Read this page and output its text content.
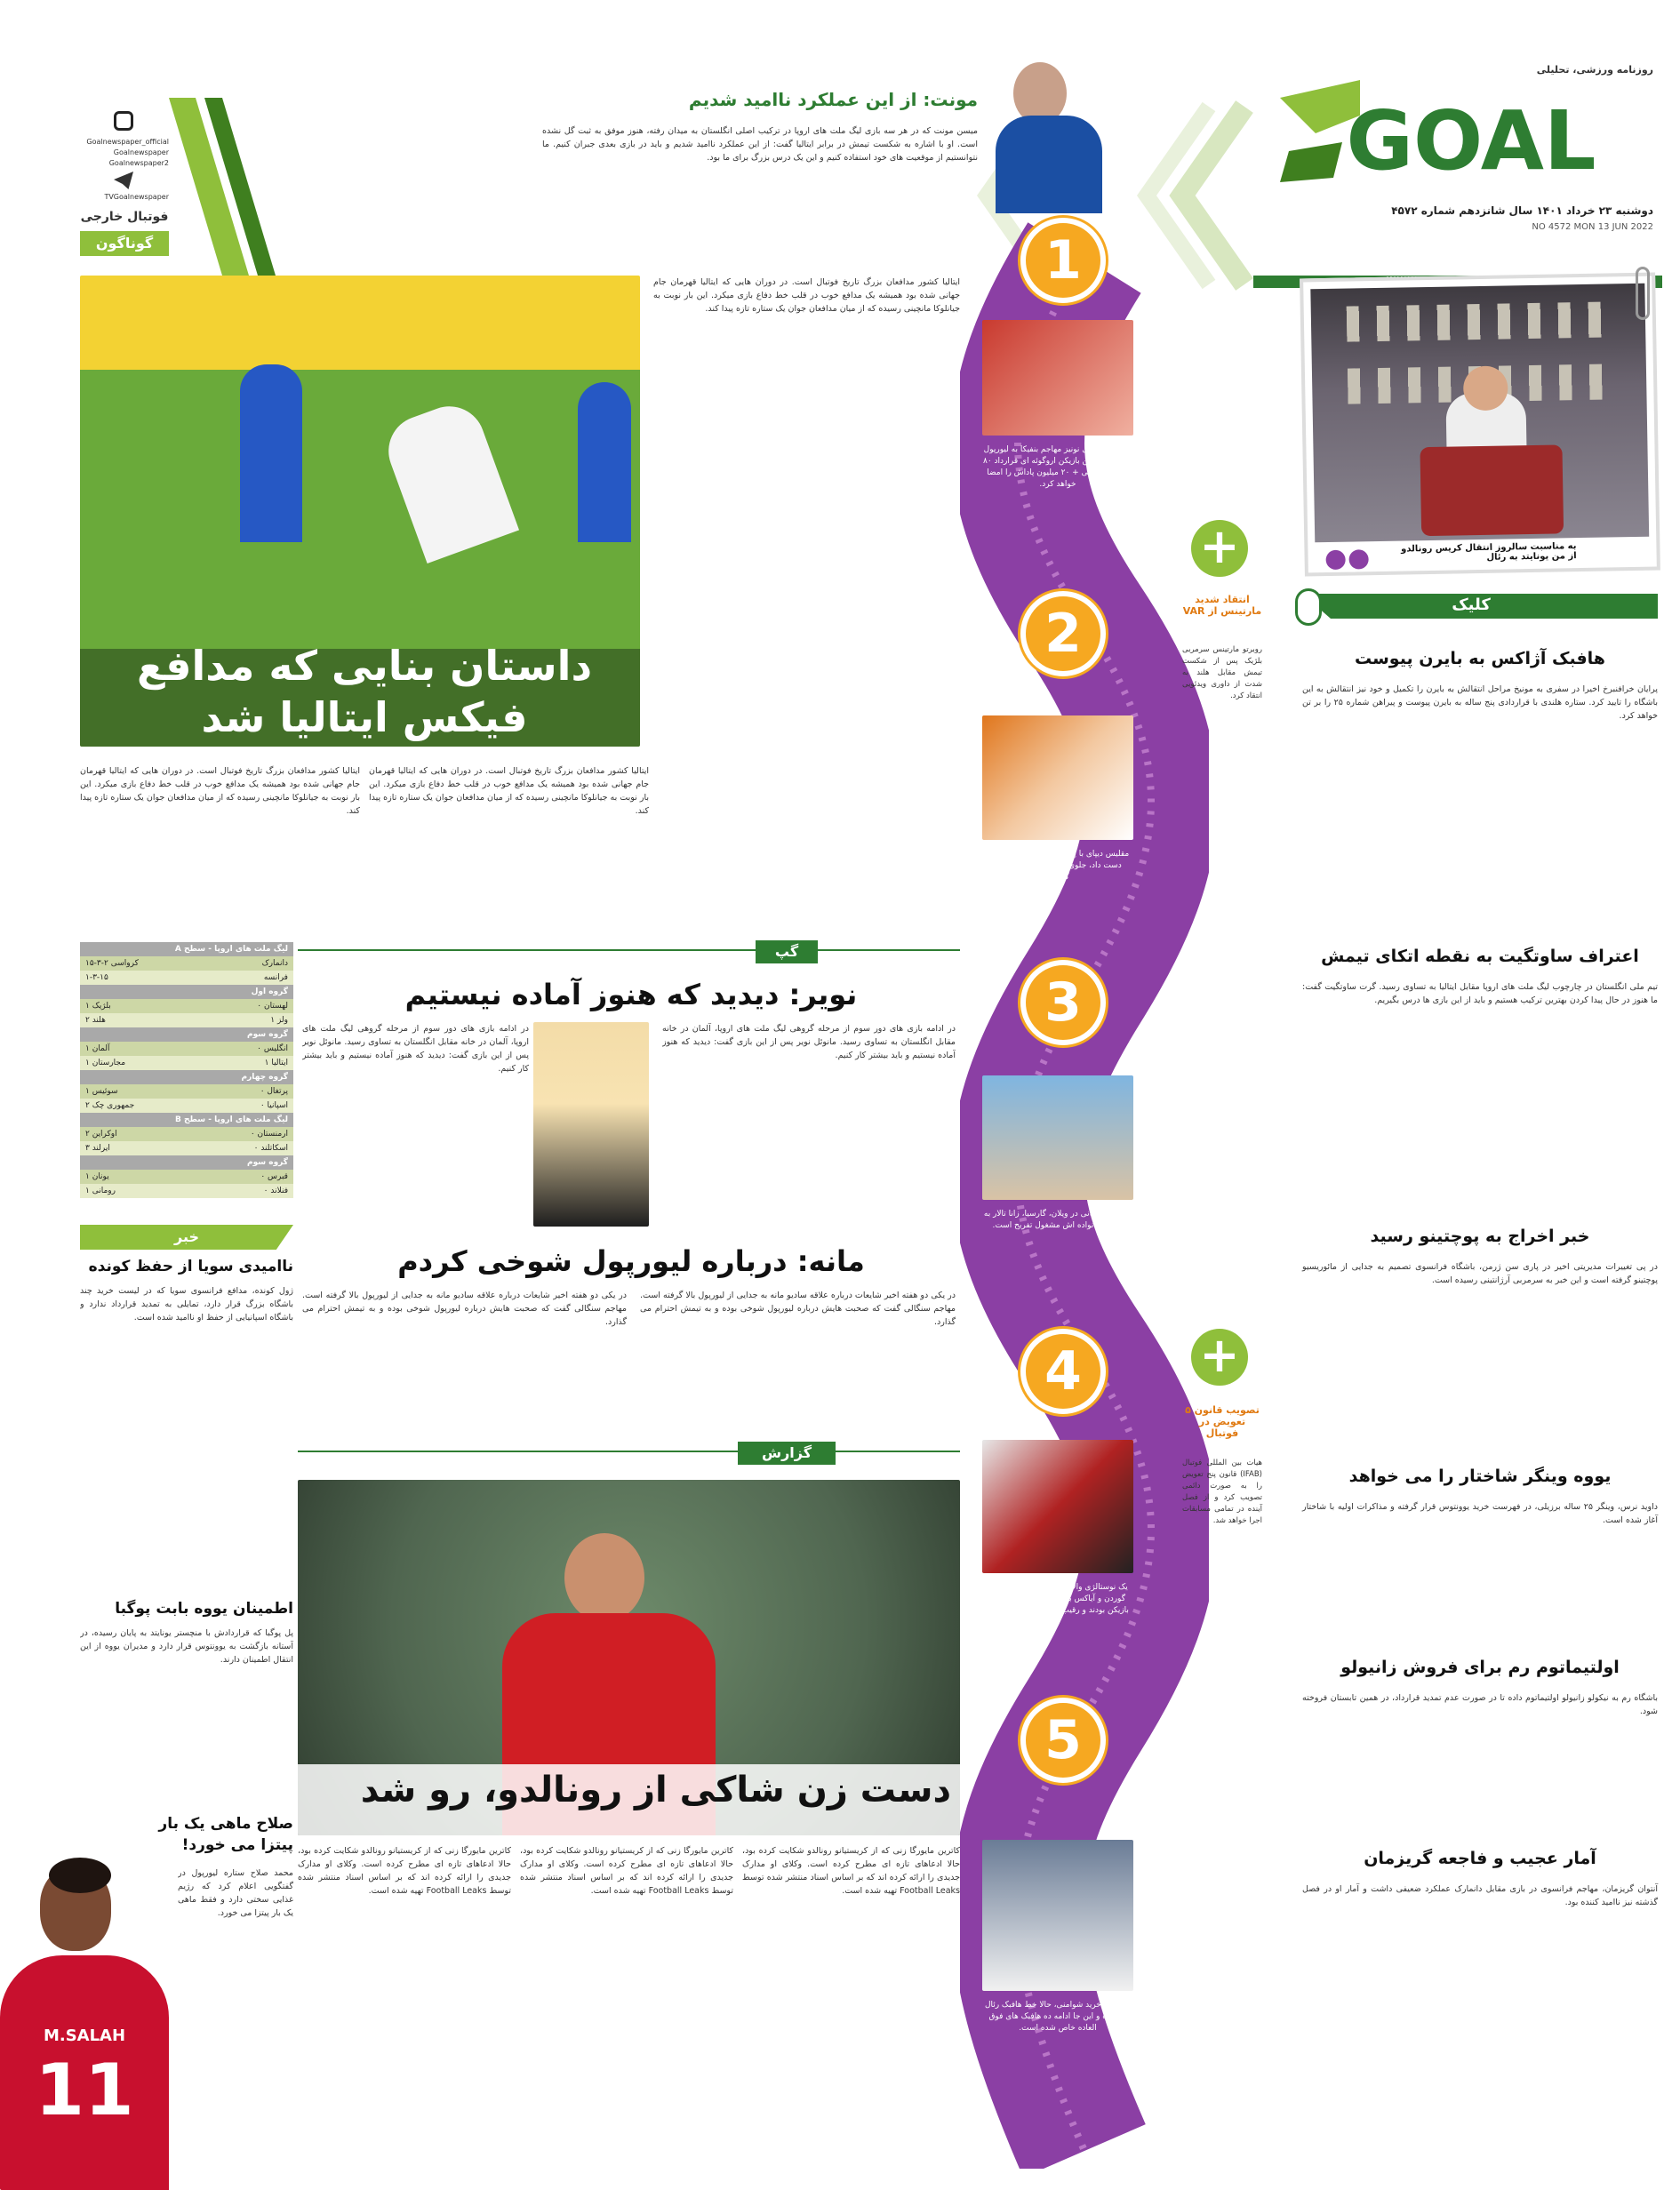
روزنامه ورزشی، تحلیلی
GOAL
دوشنبه ۲۳ خرداد ۱۴۰۱ سال شانزدهم شماره ۴۵۷۲
NO 4572 MON 13 JUN 2022
Goalnewspaper_official
Goalnewspaper
Goalnewspaper2
TVGoalnewspaper
فوتبال خارجی
گوناگون
مونت: از این عملکرد ناامید شدیم
میسن مونت که در هر سه بازی لیگ ملت های اروپا در ترکیب اصلی انگلستان به میدان رفته، هنوز موفق به ثبت گل نشده است. او با اشاره به شکست تیمش در برابر ایتالیا گفت: از این عملکرد ناامید شدیم و باید در بازی بعدی جبران کنیم. ما نتوانستیم از موقعیت های خود استفاده کنیم و این یک درس بزرگ برای ما بود.
به مناسبت سالروز انتقال کریس رونالدو از من یونایتد به رئال
کلیک
هافبک آژاکس به بایرن پیوست
پرایان خرافنبرخ اخیرا در سفری به مونیخ مراحل انتقالش به بایرن را تکمیل و خود نیز انتقالش به این باشگاه را تایید کرد. ستاره هلندی با قراردادی پنج ساله به بایرن پیوست و پیراهن شماره ۲۵ را بر تن خواهد کرد.
اعتراف ساوتگیت به نقطه اتکای تیمش
تیم ملی انگلستان در چارچوب لیگ ملت های اروپا مقابل ایتالیا به تساوی رسید. گرت ساوتگیت گفت: ما هنوز در حال پیدا کردن بهترین ترکیب هستیم و باید از این بازی ها درس بگیریم.
خبر اخراج به پوچتینو رسید
در پی تغییرات مدیریتی اخیر در پاری سن ژرمن، باشگاه فرانسوی تصمیم به جدایی از مائوریسیو پوچتینو گرفته است و این خبر به سرمربی آرژانتینی رسیده است.
یووه وینگر شاختار را می خواهد
داوید نرس، وینگر ۲۵ ساله برزیلی، در فهرست خرید یوونتوس قرار گرفته و مذاکرات اولیه با شاختار آغاز شده است.
اولتیماتوم رم برای فروش زانیولو
باشگاه رم به نیکولو زانیولو اولتیماتوم داده تا در صورت عدم تمدید قرارداد، در همین تابستان فروخته شود.
آمار عجیب و فاجعه گریزمان
آنتوان گریزمان، مهاجم فرانسوی در بازی مقابل دانمارک عملکرد ضعیفی داشت و آمار او در فصل گذشته نیز ناامید کننده بود.
1
2
3
4
5
سرانجام انتقال نونیز مهاجم بنفیکا به لیورپول نهایی شد و این بازیکن اروگوئه ای قرارداد ۸۰ میلیون یورویی + ۲۰ میلیون پاداش را امضا خواهد کرد.
مقلیس دیپای با پنالتی که در دقایق پایانی از دست داد، جلوی پیروز هلند بر بلژیک را گرفت.
پس از قهرمانی در ویلان، گارسیا، زانا تالار به همراه خانواده اش مشغول تفریح است.
یک نوستالژی والانی از زمانی که مالدینی و گوردن و آیاکس با اعتنا، حالا رابطه رئیس بازیکن بودند و رقیب یکدیگر در زمین بودند.
با تکمیل خرید شوامنی، حالا خط هافبک رئال پر شده و این جا ادامه ده هافبک های فوق العاده خاص شده است.
+
انتقاد شدید مارتینس از VAR
روبرتو مارتینس سرمربی بلژیک پس از شکست تیمش مقابل هلند به شدت از داوری ویدئویی انتقاد کرد.
+
تصویب قانون ۵ تعویض در فوتبال
هیات بین المللی فوتبال (IFAB) قانون پنج تعویض را به صورت دائمی تصویب کرد و از فصل آینده در تمامی مسابقات اجرا خواهد شد.
داستان بنایی که مدافع فیکس ایتالیا شد
ایتالیا کشور مدافعان بزرگ تاریخ فوتبال است. در دوران هایی که ایتالیا قهرمان جام جهانی شده بود همیشه یک مدافع خوب در قلب خط دفاع بازی میکرد. این بار نوبت به جیانلوکا مانچینی رسیده که از میان مدافعان جوان یک ستاره تازه پیدا کند.
ایتالیا کشور مدافعان بزرگ تاریخ فوتبال است. در دوران هایی که ایتالیا قهرمان جام جهانی شده بود همیشه یک مدافع خوب در قلب خط دفاع بازی میکرد. این بار نوبت به جیانلوکا مانچینی رسیده که از میان مدافعان جوان یک ستاره تازه پیدا کند.
ایتالیا کشور مدافعان بزرگ تاریخ فوتبال است. در دوران هایی که ایتالیا قهرمان جام جهانی شده بود همیشه یک مدافع خوب در قلب خط دفاع بازی میکرد. این بار نوبت به جیانلوکا مانچینی رسیده که از میان مدافعان جوان یک ستاره تازه پیدا کند.
گپ
نویر: دیدید که هنوز آماده نیستیم
در ادامه بازی های دور سوم از مرحله گروهی لیگ ملت های اروپا، آلمان در خانه مقابل انگلستان به تساوی رسید. مانوئل نویر پس از این بازی گفت: دیدید که هنوز آماده نیستیم و باید بیشتر کار کنیم.
در ادامه بازی های دور سوم از مرحله گروهی لیگ ملت های اروپا، آلمان در خانه مقابل انگلستان به تساوی رسید. مانوئل نویر پس از این بازی گفت: دیدید که هنوز آماده نیستیم و باید بیشتر کار کنیم.
مانه: درباره لیورپول شوخی کردم
در یکی دو هفته اخیر شایعات درباره علاقه سادیو مانه به جدایی از لیورپول بالا گرفته است. مهاجم سنگالی گفت که صحبت هایش درباره لیورپول شوخی بوده و به تیمش احترام می گذارد.
در یکی دو هفته اخیر شایعات درباره علاقه سادیو مانه به جدایی از لیورپول بالا گرفته است. مهاجم سنگالی گفت که صحبت هایش درباره لیورپول شوخی بوده و به تیمش احترام می گذارد.
گزارش
دست زن شاکی از رونالدو، رو شد
کاترین مایورگا زنی که از کریستیانو رونالدو شکایت کرده بود، حالا ادعاهای تازه ای مطرح کرده است. وکلای او مدارک جدیدی را ارائه کرده اند که بر اساس اسناد منتشر شده توسط Football Leaks تهیه شده است.
کاترین مایورگا زنی که از کریستیانو رونالدو شکایت کرده بود، حالا ادعاهای تازه ای مطرح کرده است. وکلای او مدارک جدیدی را ارائه کرده اند که بر اساس اسناد منتشر شده توسط Football Leaks تهیه شده است.
کاترین مایورگا زنی که از کریستیانو رونالدو شکایت کرده بود، حالا ادعاهای تازه ای مطرح کرده است. وکلای او مدارک جدیدی را ارائه کرده اند که بر اساس اسناد منتشر شده توسط Football Leaks تهیه شده است.
لیگ ملت های اروپا - سطح A
دانمارک
کرواسی ۲-۳-۱۵
فرانسه
۱-۳-۱۵
گروه اول
لهستان ۰
بلژیک ۱
ولز ۱
هلند ۲
گروه سوم
انگلیس ۰
آلمان ۱
ایتالیا ۱
مجارستان ۱
گروه چهارم
پرتغال ۰
سوئیس ۱
اسپانیا ۰
جمهوری چک ۲
لیگ ملت های اروپا - سطح B
ارمنستان ۰
اوکراین ۲
اسکاتلند ۰
ایرلند ۳
گروه سوم
قبرس ۰
یونان ۱
فنلاند ۰
رومانی ۱
خبر
ناامیدی سویا از حفظ کونده
ژول کونده، مدافع فرانسوی سویا که در لیست خرید چند باشگاه بزرگ قرار دارد، تمایلی به تمدید قرارداد ندارد و باشگاه اسپانیایی از حفظ او ناامید شده است.
اطمینان یووه بابت پوگبا
پل پوگبا که قراردادش با منچستر یونایتد به پایان رسیده، در آستانه بازگشت به یوونتوس قرار دارد و مدیران یووه از این انتقال اطمینان دارند.
صلاح ماهی یک بار پیتزا می خورد!
محمد صلاح ستاره لیورپول در گفتگویی اعلام کرد که رژیم غذایی سختی دارد و فقط ماهی یک بار پیتزا می خورد.
M.SALAH
11
